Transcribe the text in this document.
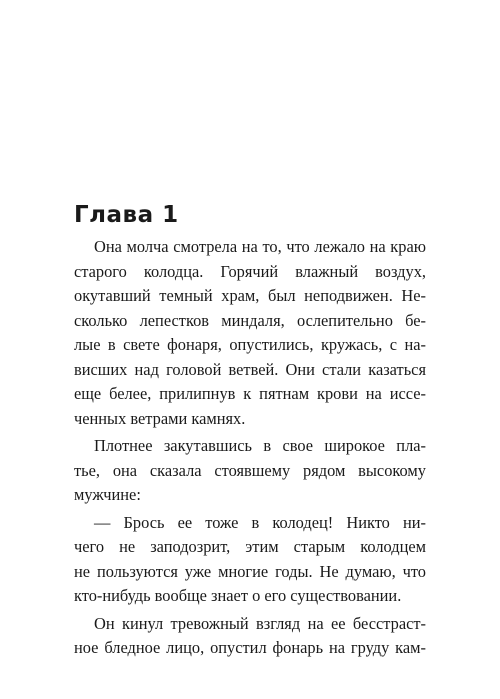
Глава 1
Она молча смотрела на то, что лежало на краю
старого колодца. Горячий влажный воздух,
окутавший темный храм, был неподвижен. Не-
сколько лепестков миндаля, ослепительно бе-
лые в свете фонаря, опустились, кружась, с на-
висших над головой ветвей. Они стали казаться
еще белее, прилипнув к пятнам крови на иссе-
ченных ветрами камнях.
Плотнее закутавшись в свое широкое пла-
тье, она сказала стоявшему рядом высокому
мужчине:
— Брось ее тоже в колодец! Никто ни-
чего не заподозрит, этим старым колодцем
не пользуются уже многие годы. Не думаю, что
кто-нибудь вообще знает о его существовании.
Он кинул тревожный взгляд на ее бесстраст-
ное бледное лицо, опустил фонарь на груду кам-
